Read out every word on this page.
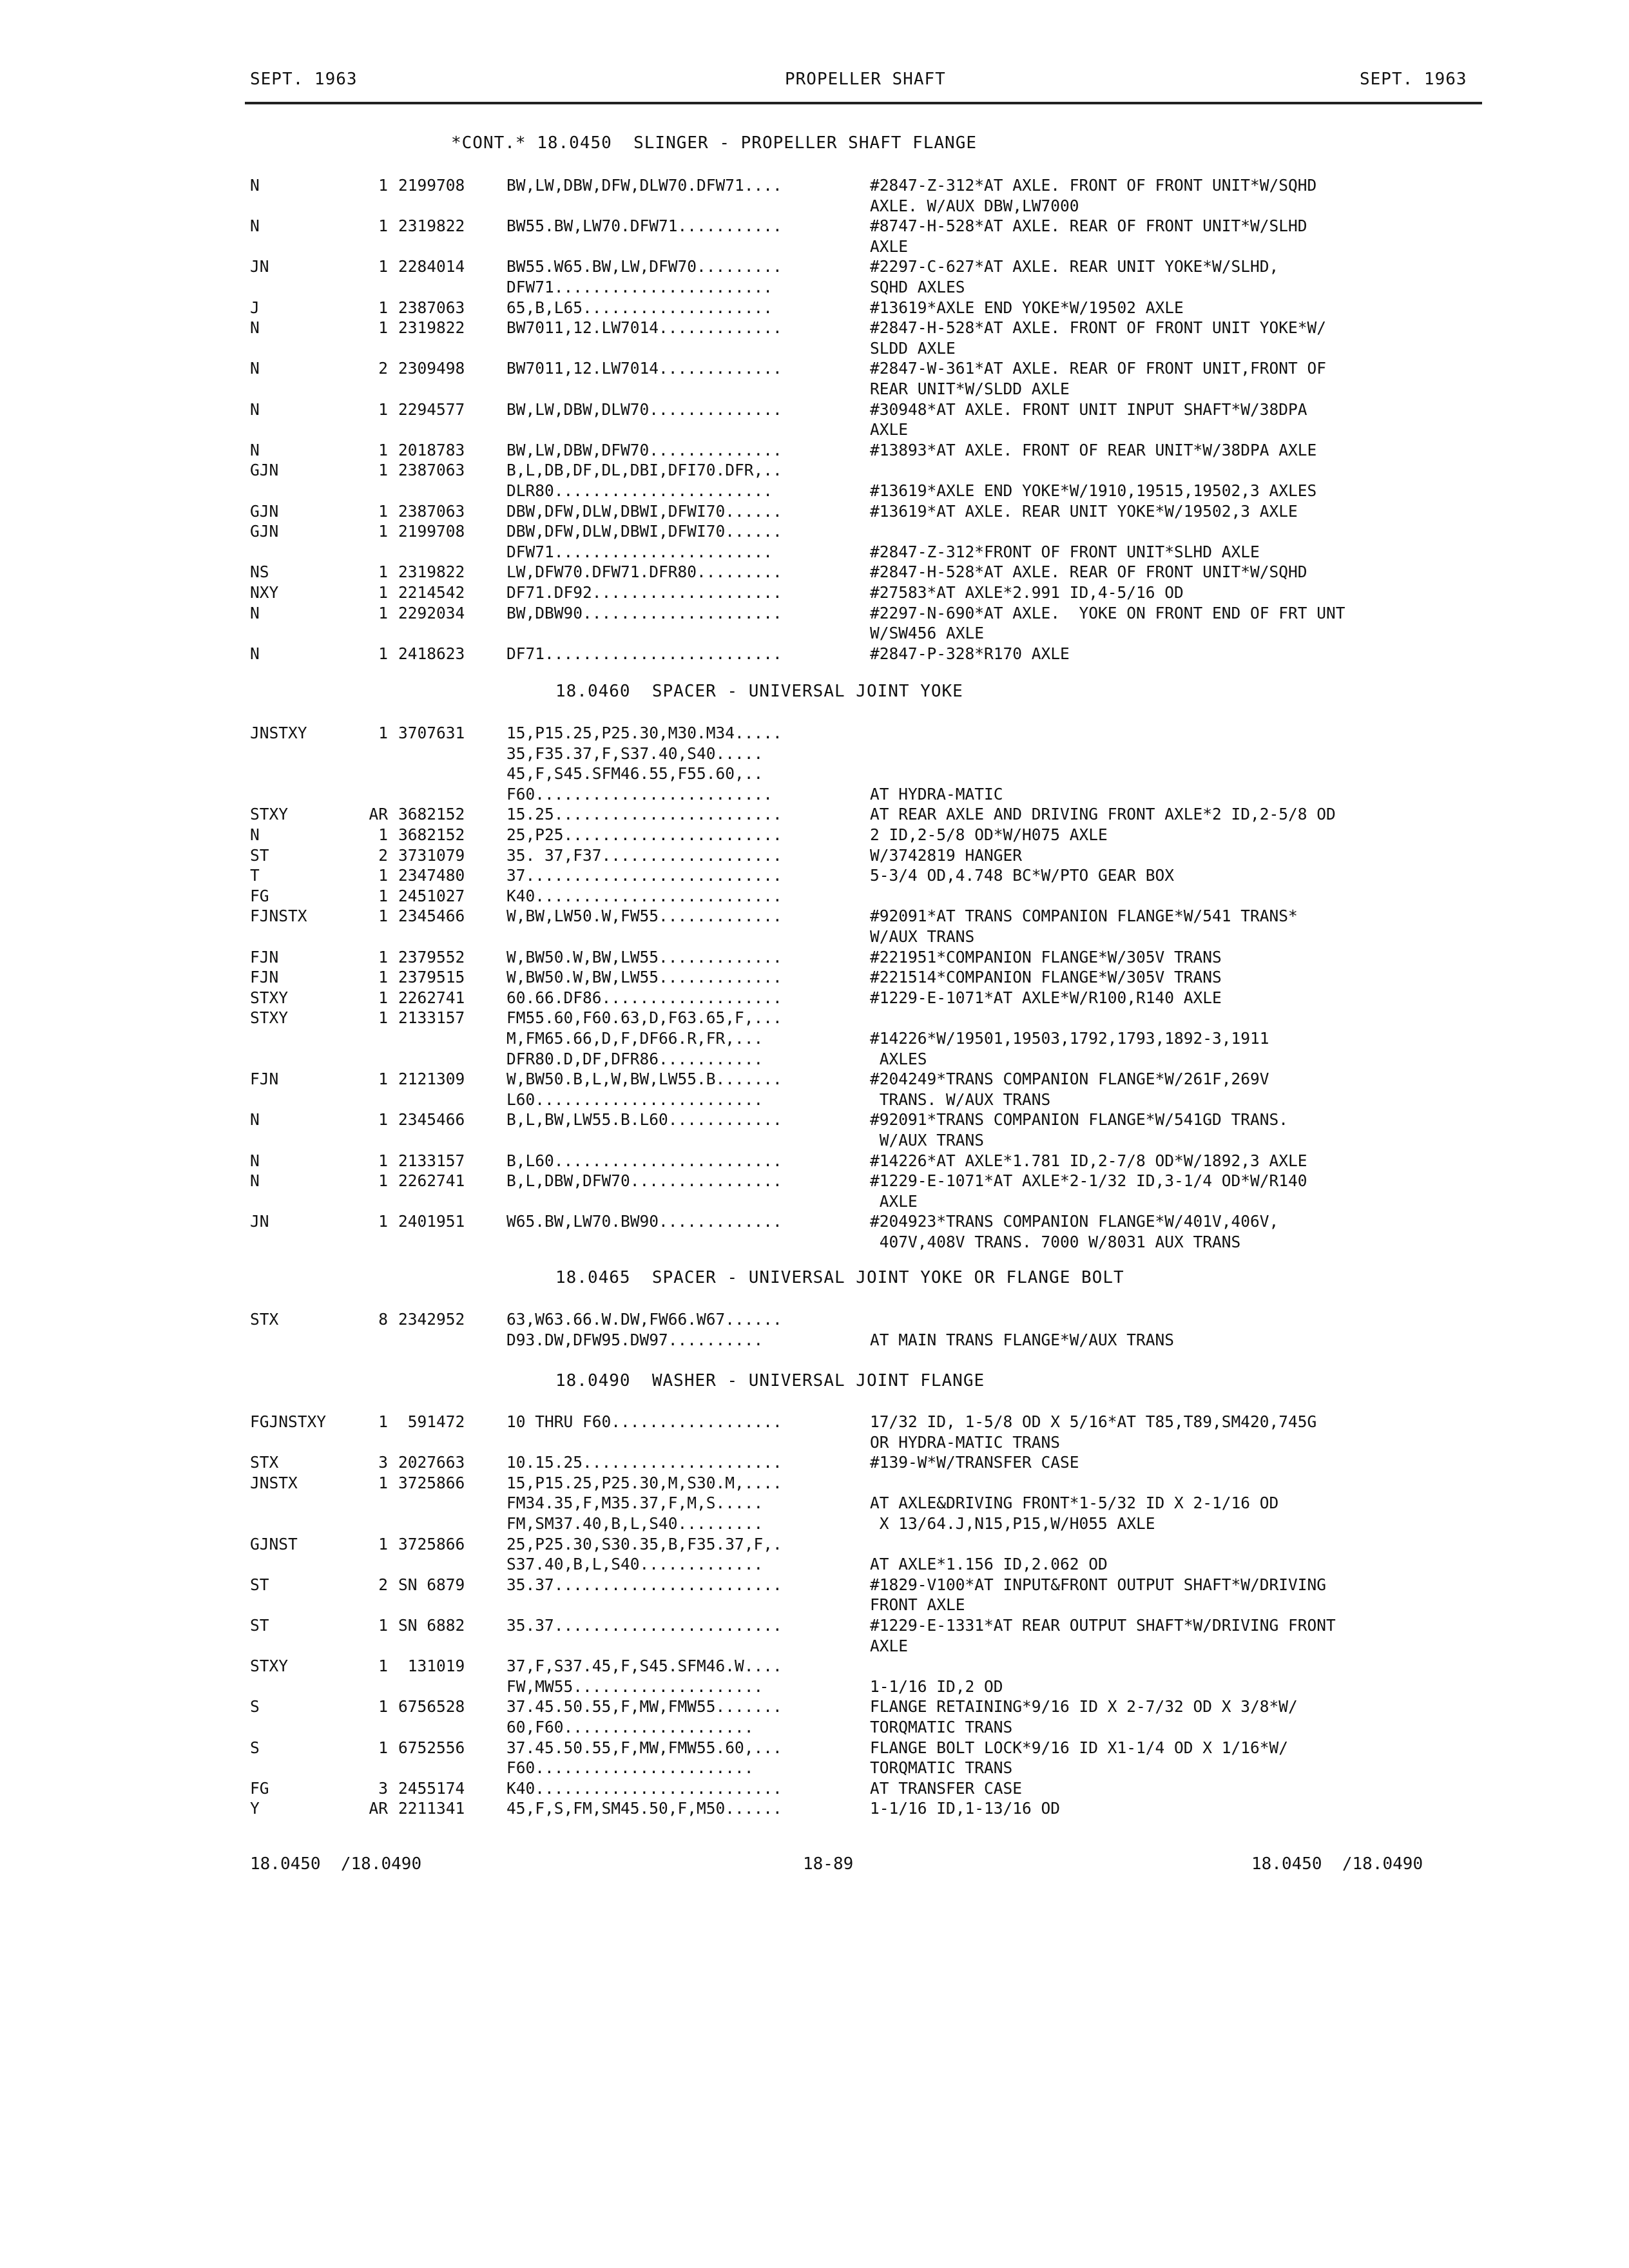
SEPT. 1963	PROPELLER SHAFT	SEPT. 1963
*CONT.* 18.0450  SLINGER - PROPELLER SHAFT FLANGE
N	1 2199708	BW,LW,DBW,DFW,DLW70.DFW71....	#2847-Z-312*AT AXLE. FRONT OF FRONT UNIT*W/SQHD
AXLE. W/AUX DBW,LW7000
N	1 2319822	BW55.BW,LW70.DFW71...........	#8747-H-528*AT AXLE. REAR OF FRONT UNIT*W/SLHD
AXLE
JN	1 2284014	BW55.W65.BW,LW,DFW70.........	#2297-C-627*AT AXLE. REAR UNIT YOKE*W/SLHD,
DFW71.......................	SQHD AXLES
J	1 2387063	65,B,L65....................	#13619*AXLE END YOKE*W/19502 AXLE
N	1 2319822	BW7011,12.LW7014.............	#2847-H-528*AT AXLE. FRONT OF FRONT UNIT YOKE*W/
SLDD AXLE
N	2 2309498	BW7011,12.LW7014.............	#2847-W-361*AT AXLE. REAR OF FRONT UNIT,FRONT OF
REAR UNIT*W/SLDD AXLE
N	1 2294577	BW,LW,DBW,DLW70..............	#30948*AT AXLE. FRONT UNIT INPUT SHAFT*W/38DPA
AXLE
N	1 2018783	BW,LW,DBW,DFW70..............	#13893*AT AXLE. FRONT OF REAR UNIT*W/38DPA AXLE
GJN	1 2387063	B,L,DB,DF,DL,DBI,DFI70.DFR,..
DLR80.......................	#13619*AXLE END YOKE*W/1910,19515,19502,3 AXLES
GJN	1 2387063	DBW,DFW,DLW,DBWI,DFWI70......	#13619*AT AXLE. REAR UNIT YOKE*W/19502,3 AXLE
GJN	1 2199708	DBW,DFW,DLW,DBWI,DFWI70......
DFW71.......................	#2847-Z-312*FRONT OF FRONT UNIT*SLHD AXLE
NS	1 2319822	LW,DFW70.DFW71.DFR80.........	#2847-H-528*AT AXLE. REAR OF FRONT UNIT*W/SQHD
NXY	1 2214542	DF71.DF92....................	#27583*AT AXLE*2.991 ID,4-5/16 OD
N	1 2292034	BW,DBW90.....................	#2297-N-690*AT AXLE.  YOKE ON FRONT END OF FRT UNT
W/SW456 AXLE
N	1 2418623	DF71.........................	#2847-P-328*R170 AXLE
18.0460  SPACER - UNIVERSAL JOINT YOKE
JNSTXY	1 3707631	15,P15.25,P25.30,M30.M34.....
35,F35.37,F,S37.40,S40.....
45,F,S45.SFM46.55,F55.60,..
F60.........................	AT HYDRA-MATIC
STXY	AR 3682152	15.25........................	AT REAR AXLE AND DRIVING FRONT AXLE*2 ID,2-5/8 OD
N	1 3682152	25,P25.......................	2 ID,2-5/8 OD*W/H075 AXLE
ST	2 3731079	35. 37,F37...................	W/3742819 HANGER
T	1 2347480	37...........................	5-3/4 OD,4.748 BC*W/PTO GEAR BOX
FG	1 2451027	K40..........................
FJNSTX	1 2345466	W,BW,LW50.W,FW55.............	#92091*AT TRANS COMPANION FLANGE*W/541 TRANS*
W/AUX TRANS
FJN	1 2379552	W,BW50.W,BW,LW55.............	#221951*COMPANION FLANGE*W/305V TRANS
FJN	1 2379515	W,BW50.W,BW,LW55.............	#221514*COMPANION FLANGE*W/305V TRANS
STXY	1 2262741	60.66.DF86...................	#1229-E-1071*AT AXLE*W/R100,R140 AXLE
STXY	1 2133157	FM55.60,F60.63,D,F63.65,F,...
M,FM65.66,D,F,DF66.R,FR,...	#14226*W/19501,19503,1792,1793,1892-3,1911
DFR80.D,DF,DFR86...........	AXLES
FJN	1 2121309	W,BW50.B,L,W,BW,LW55.B.......	#204249*TRANS COMPANION FLANGE*W/261F,269V
L60........................	TRANS. W/AUX TRANS
N	1 2345466	B,L,BW,LW55.B.L60............	#92091*TRANS COMPANION FLANGE*W/541GD TRANS.
W/AUX TRANS
N	1 2133157	B,L60........................	#14226*AT AXLE*1.781 ID,2-7/8 OD*W/1892,3 AXLE
N	1 2262741	B,L,DBW,DFW70................	#1229-E-1071*AT AXLE*2-1/32 ID,3-1/4 OD*W/R140
AXLE
JN	1 2401951	W65.BW,LW70.BW90.............	#204923*TRANS COMPANION FLANGE*W/401V,406V,
407V,408V TRANS. 7000 W/8031 AUX TRANS
18.0465  SPACER - UNIVERSAL JOINT YOKE OR FLANGE BOLT
STX	8 2342952	63,W63.66.W.DW,FW66.W67......
D93.DW,DFW95.DW97..........	AT MAIN TRANS FLANGE*W/AUX TRANS
18.0490  WASHER - UNIVERSAL JOINT FLANGE
FGJNSTXY	1 591472	10 THRU F60..................	17/32 ID, 1-5/8 OD X 5/16*AT T85,T89,SM420,745G
OR HYDRA-MATIC TRANS
STX	3 2027663	10.15.25.....................	#139-W*W/TRANSFER CASE
JNSTX	1 3725866	15,P15.25,P25.30,M,S30.M,....
FM34.35,F,M35.37,F,M,S.....	AT AXLE&DRIVING FRONT*1-5/32 ID X 2-1/16 OD
FM,SM37.40,B,L,S40.........	X 13/64.J,N15,P15,W/H055 AXLE
GJNST	1 3725866	25,P25.30,S30.35,B,F35.37,F,.
S37.40,B,L,S40.............	AT AXLE*1.156 ID,2.062 OD
ST	2 SN 6879	35.37........................	#1829-V100*AT INPUT&FRONT OUTPUT SHAFT*W/DRIVING
FRONT AXLE
ST	1 SN 6882	35.37........................	#1229-E-1331*AT REAR OUTPUT SHAFT*W/DRIVING FRONT
AXLE
STXY	1 131019	37,F,S37.45,F,S45.SFM46.W....
FW,MW55....................	1-1/16 ID,2 OD
S	1 6756528	37.45.50.55,F,MW,FMW55.......	FLANGE RETAINING*9/16 ID X 2-7/32 OD X 3/8*W/
60,F60....................	TORQMATIC TRANS
S	1 6752556	37.45.50.55,F,MW,FMW55.60,...	FLANGE BOLT LOCK*9/16 ID X1-1/4 OD X 1/16*W/
F60.......................	TORQMATIC TRANS
FG	3 2455174	K40..........................	AT TRANSFER CASE
Y	AR 2211341	45,F,S,FM,SM45.50,F,M50......	1-1/16 ID,1-13/16 OD
18.0450  /18.0490	18-89	18.0450  /18.0490
